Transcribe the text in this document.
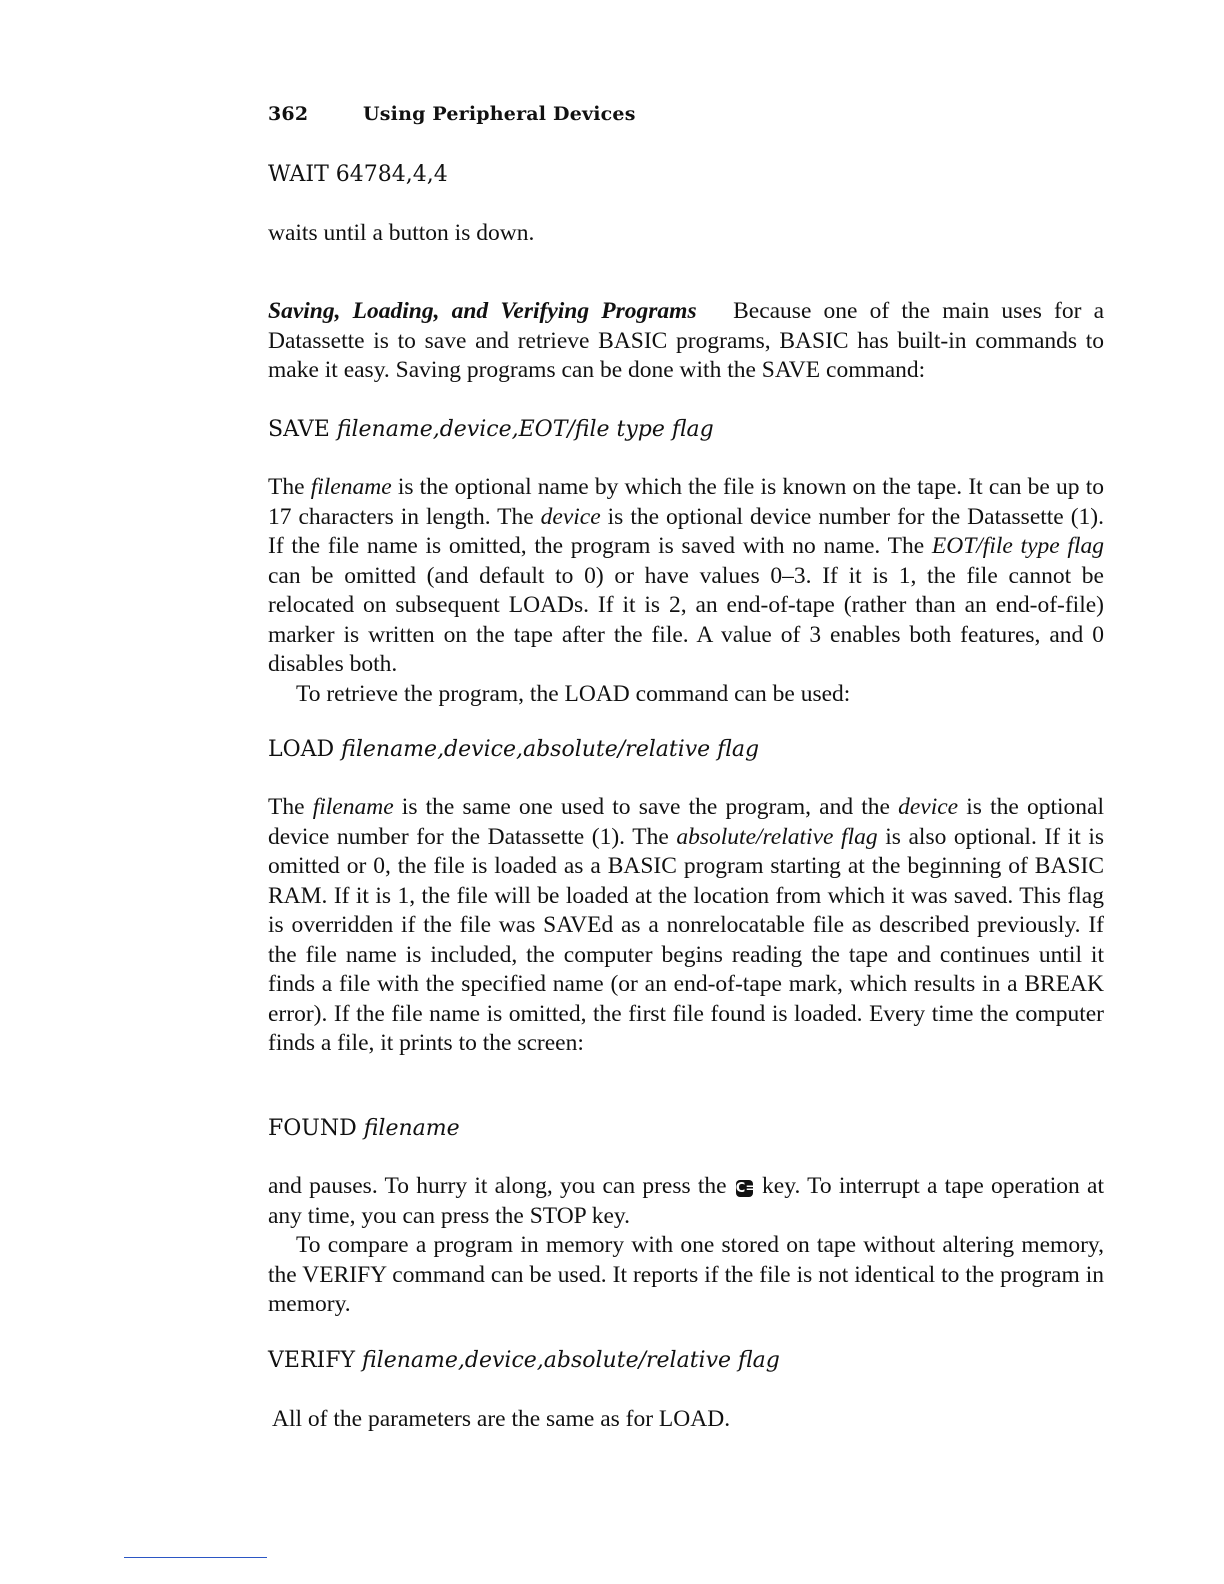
362	Using Peripheral Devices
WAIT 64784,4,4

waits until a button is down.

Saving, Loading, and Verifying Programs Because one of the main uses for a Datassette is to save and retrieve BASIC programs, BASIC has built-in commands to make it easy. Saving programs can be done with the SAVE command:

SAVE filename,device,EOT/file type flag

The filename is the optional name by which the file is known on the tape. It can be up to 17 characters in length. The device is the optional device number for the Datassette (1). If the file name is omitted, the program is saved with no name. The EOT/file type flag can be omitted (and default to 0) or have values 0–3. If it is 1, the file cannot be relocated on subsequent LOADs. If it is 2, an end-of-tape (rather than an end-of-file) marker is written on the tape after the file. A value of 3 enables both features, and 0 disables both.

To retrieve the program, the LOAD command can be used:

LOAD filename,device,absolute/relative flag

The filename is the same one used to save the program, and the device is the optional device number for the Datassette (1). The absolute/relative flag is also optional. If it is omitted or 0, the file is loaded as a BASIC program starting at the beginning of BASIC RAM. If it is 1, the file will be loaded at the location from which it was saved. This flag is overridden if the file was SAVEd as a nonrelocatable file as described previously. If the file name is included, the computer begins reading the tape and continues until it finds a file with the specified name (or an end-of-tape mark, which results in a BREAK error). If the file name is omitted, the first file found is loaded. Every time the computer finds a file, it prints to the screen:

FOUND filename

and pauses. To hurry it along, you can press the C= key. To interrupt a tape operation at any time, you can press the STOP key.

To compare a program in memory with one stored on tape without altering memory, the VERIFY command can be used. It reports if the file is not identical to the program in memory.

VERIFY filename,device,absolute/relative flag

All of the parameters are the same as for LOAD.
